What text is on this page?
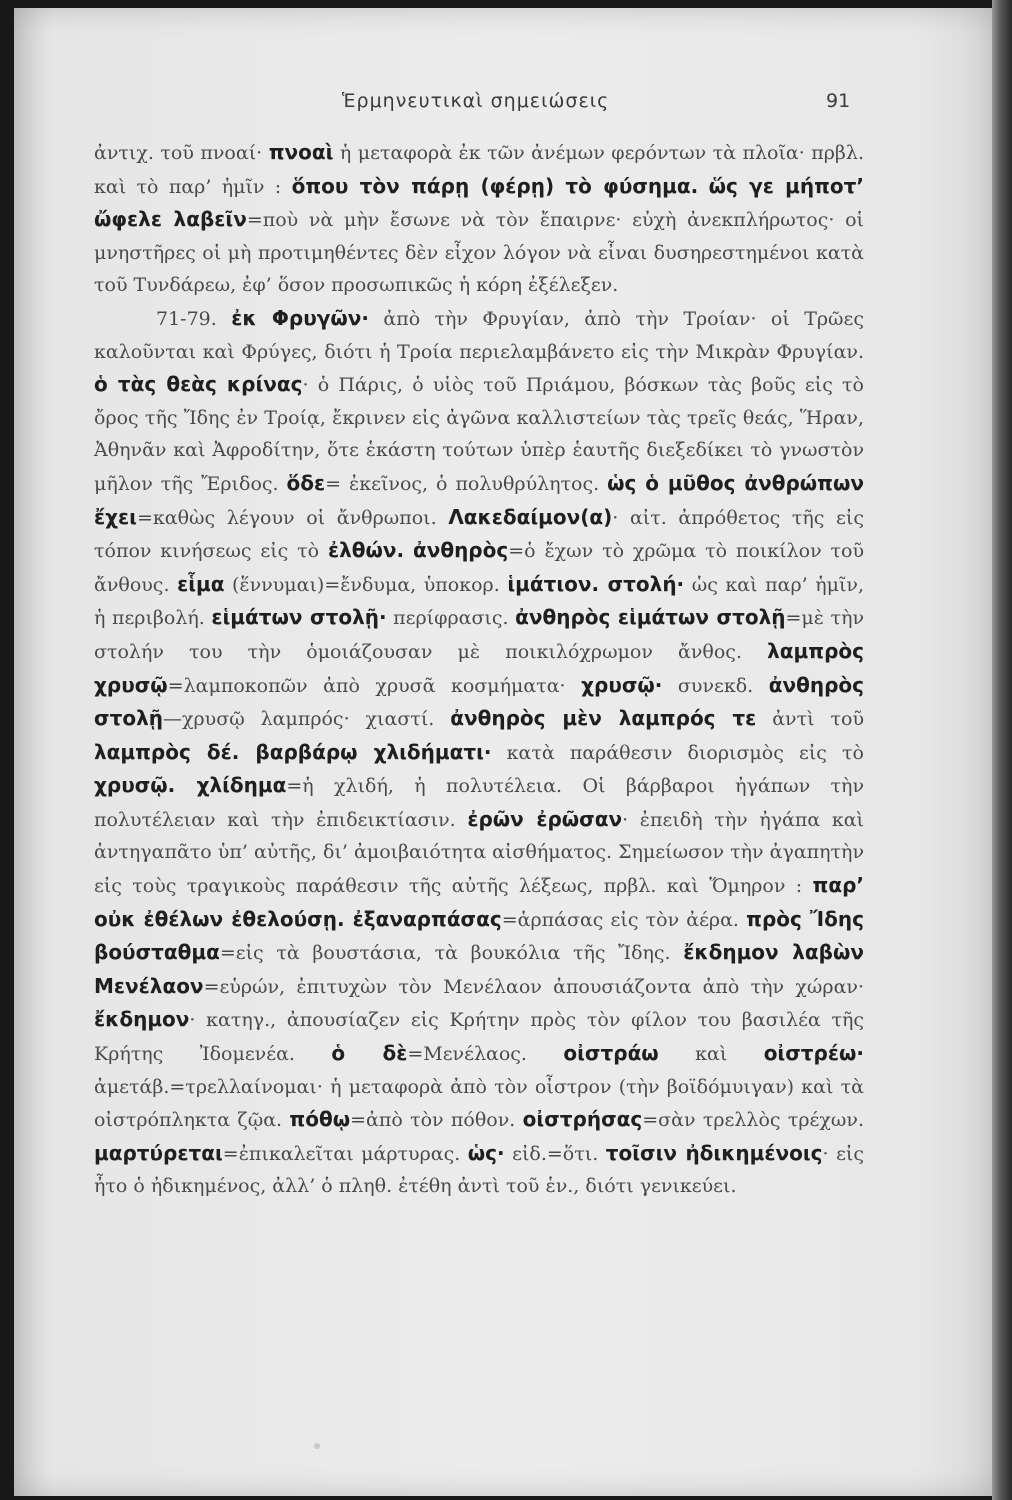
Ἑρμηνευτικαὶ σημειώσεις	91

ἀντιχ. τοῦ πνοαί· πνοαὶ ἡ μεταφορὰ ἐκ τῶν ἀνέμων φερόντων τὰ πλοῖα· πρβλ. καὶ τὸ παρ’ ἡμῖν : ὅπου τὸν πάρῃ (φέρῃ) τὸ φύσημα. ὥς γε μήποτ’ ὤφελε λαβεῖν=ποὺ νὰ μὴν ἔσωνε νὰ τὸν ἔπαιρνε· εὐχὴ ἀνεκπλήρωτος· οἱ μνηστῆρες οἱ μὴ προτιμηθέντες δὲν εἶχον λόγον νὰ εἶναι δυσηρεστημένοι κατὰ τοῦ Τυνδάρεω, ἐφ’ ὅσον προσωπικῶς ἡ κόρη ἐξέλεξεν.

71-79. ἐκ Φρυγῶν· ἀπὸ τὴν Φρυγίαν, ἀπὸ τὴν Τροίαν· οἱ Τρῶες καλοῦνται καὶ Φρύγες, διότι ἡ Τροία περιελαμβάνετο εἰς τὴν Μικρὰν Φρυγίαν. ὁ τὰς θεὰς κρίνας· ὁ Πάρις, ὁ υἱὸς τοῦ Πριάμου, βόσκων τὰς βοῦς εἰς τὸ ὄρος τῆς Ἴδης ἐν Τροίᾳ, ἔκρινεν εἰς ἀγῶνα καλλιστείων τὰς τρεῖς θεάς, Ἥραν, Ἀθηνᾶν καὶ Ἀφροδίτην, ὅτε ἑκάστη τούτων ὑπὲρ ἑαυτῆς διεξεδίκει τὸ γνωστὸν μῆλον τῆς Ἔριδος. ὅδε= ἐκεῖνος, ὁ πολυθρύλητος. ὡς ὁ μῦθος ἀνθρώπων ἔχει=καθὼς λέγουν οἱ ἄνθρωποι. Λακεδαίμον(α)· αἰτ. ἀπρόθετος τῆς εἰς τόπον κινήσεως εἰς τὸ ἐλθών. ἀνθηρὸς=ὁ ἔχων τὸ χρῶμα τὸ ποικίλον τοῦ ἄνθους. εἷμα (ἕννυμαι)=ἔνδυμα, ὑποκορ. ἱμάτιον. στολή· ὡς καὶ παρ’ ἡμῖν, ἡ περιβολή. εἱμάτων στολῇ· περίφρασις. ἀνθηρὸς εἱμάτων στολῇ=μὲ τὴν στολήν του τὴν ὁμοιάζουσαν μὲ ποικιλόχρωμον ἄνθος. λαμπρὸς χρυσῷ=λαμποκοπῶν ἀπὸ χρυσᾶ κοσμήματα· χρυσῷ· συνεκδ. ἀνθηρὸς στολῇ—χρυσῷ λαμπρός· χιαστί. ἀνθηρὸς μὲν λαμπρός τε ἀντὶ τοῦ λαμπρὸς δέ. βαρβάρῳ χλιδήματι· κατὰ παράθεσιν διορισμὸς εἰς τὸ χρυσῷ. χλίδημα=ἡ χλιδή, ἡ πολυτέλεια. Οἱ βάρβαροι ἠγάπων τὴν πολυτέλειαν καὶ τὴν ἐπιδεικτίασιν. ἐρῶν ἐρῶσαν· ἐπειδὴ τὴν ἠγάπα καὶ ἀντηγαπᾶτο ὑπ’ αὐτῆς, δι’ ἀμοιβαιότητα αἰσθήματος. Σημείωσον τὴν ἀγαπητὴν εἰς τοὺς τραγικοὺς παράθεσιν τῆς αὐτῆς λέξεως, πρβλ. καὶ Ὅμηρον : παρ’ οὐκ ἐθέλων ἐθελούσῃ. ἐξαναρπάσας=ἁρπάσας εἰς τὸν ἀέρα. πρὸς Ἴδης βούσταθμα=εἰς τὰ βουστάσια, τὰ βουκόλια τῆς Ἴδης. ἔκδημον λαβὼν Μενέλαον=εὑρών, ἐπιτυχὼν τὸν Μενέλαον ἀπουσιάζοντα ἀπὸ τὴν χώραν· ἔκδημον· κατηγ., ἀπουσίαζεν εἰς Κρήτην πρὸς τὸν φίλον του βασιλέα τῆς Κρήτης Ἰδομενέα. ὁ δὲ=Μενέλαος. οἰστράω καὶ οἰστρέω· ἀμετάβ.=τρελλαίνομαι· ἡ μεταφορὰ ἀπὸ τὸν οἶστρον (τὴν βοϊδόμυιγαν) καὶ τὰ οἰστρόπληκτα ζῷα. πόθῳ=ἀπὸ τὸν πόθον. οἰστρήσας=σὰν τρελλὸς τρέχων. μαρτύρεται=ἐπικαλεῖται μάρτυρας. ὡς· εἰδ.=ὅτι. τοῖσιν ἠδικημένοις· εἰς ἦτο ὁ ἠδικημένος, ἀλλ’ ὁ πληθ. ἐτέθη ἀντὶ τοῦ ἑν., διότι γενικεύει.
